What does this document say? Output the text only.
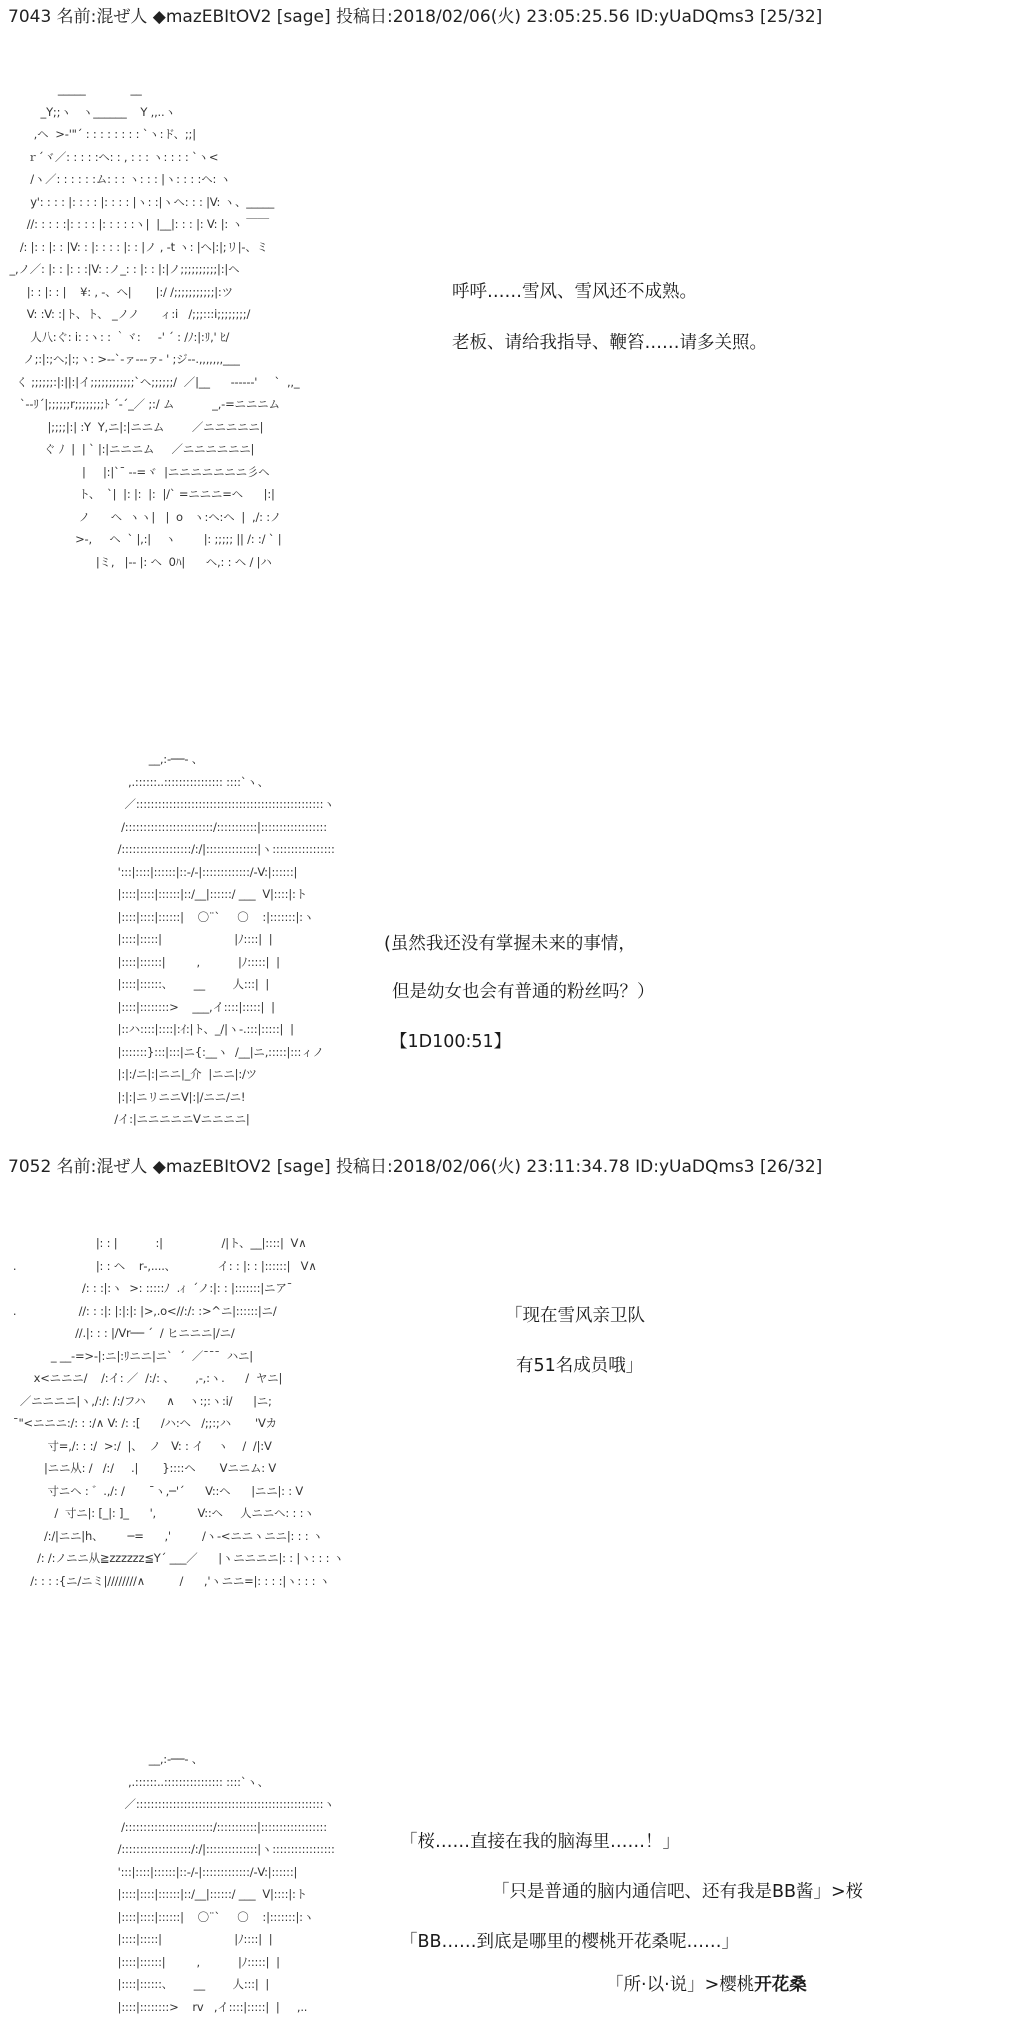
7043 名前:混ぜ人 ◆mazEBItOV2 [sage] 投稿日:2018/02/06(火) 23:05:25.56 ID:yUaDQms3 [25/32]
_____             __
_Y;;ヽ   ヽ______    Y ,,..ヽ
,ヘ  >‐'"´ : : : : : : : : `ヽ:ド、;;|
ｒ´ヾ／: : : : :ヘ: : , : : : ヽ: : : : `ヽ<
/ヽ／: : : : : :ム: : : ヽ: : : |ヽ: : : :ヘ: ヽ
y': : : : |: : : : |: : : : |ヽ: :|ヽヘ: : : |V: ヽ、_____
//: : : : :|: : : : |: : : : :ヽ|  |__|: : : |: V: |: ヽ ￣￣
/: |: : |: : |V: : |: : : : |: : |ノ , ‐t ヽ: |ヘ|:|;リ|‐、ミ
_,ノ／: |: : |: : :|V: :ノ_: : |: : |:|ノ;;;;;;;;;;|:|ヘ
|: : |: : |    ¥: , -、ヘ|       |:/ /;;;;;;;;;;;|:ツ
V: :V: :|ト、ト、 _ノノ      ィ:i   /;;;:::i;;;;;;;;/
人八:ぐ: i: :ヽ: : ｀ヾ:     ‐' ´ : /ﾉ:|:ﾘ,' ﾋ/
ノ;:|:;ヘ;|:;ヽ: >‐‐`‐ァ‐‐‐ァ‐ ' ;ジ‐-.,,,,,,,___
く ;;;;;;:|:||:|イ;;;;;;;;;;;;`ヘ;;;;;;/  ／|__      ------'     `  ,,_
`‐‐ﾘ´|;;;;;;r;;;;;;;;ﾄ ´‐´_／ ;:/ ム           _,-=ニニニム
|;;;;|:| :Y  Y,ニ|:|ニニム        ／ニニニニニ|
ぐ ﾉ  |  | ` |:|ニニニム     ／ニニニニニニ|
|     |:|`¯ ‐‐=ヾ  |ニニニニニニニ彡ヘ
ト、  `|  |: |:  |:  |/` =ニニニ=ヘ      |:|
ノ      ヘ  ヽヽ|   |  o   ヽ:ヘ:ヘ  |  ,/: :ノ
>‐,     ヘ  ` |,:|    ヽ        |: ;;;;; || /: :/ ` |
|ミ,   |‐‐ |: ヘ  0ﾊ|      ヘ,: : ヘ / |ハ
呼呼……雪风、雪风还不成熟。
老板、请给我指导、鞭笞……请多关照。
__,:-──- 、
,.::::::..:::::::::::::::: ::::`ヽ、
／:::::::::::::::::::::::::::::::::::::::::::::::::::ヽ
/::::::::::::::::::::::::/:::::::::::|::::::::::::::::::
/:::::::::::::::::::/:/|::::::::::::::|ヽ:::::::::::::::::
':::|::::|::::::|::‐/‐|:::::::::::::/‐V:|::::::|
|::::|::::|::::::|::/__|::::::/ ___  V|::::|:ト
|::::|::::|::::::|    〇¨`     〇    :|:::::::|:ヽ
|::::|:::::|                     |ﾉ::::|  |
|::::|::::::|         ,           |ﾉ:::::|  |
|::::|::::::、      __        人:::|  |
|::::|::::::::>    ___,イ::::|:::::|  |
|::ハ::::|::::|:ｲ:|ト、_/|ヽ‐.:::|:::::|  |
|:::::::}:::|:::|ニ{:__ヽ  /__|ニ,:::::|:::ィノ
|:|:/ニ|:|ニニ|_介  |ニニ|:/ツ
|:|:|ニリニニV|:|/ニニ/ニ!
/イ:|ニニニニニVニニニニ|
(虽然我还没有掌握未来的事情，
但是幼女也会有普通的粉丝吗？）
【1D100:51】
7052 名前:混ぜ人 ◆mazEBItOV2 [sage] 投稿日:2018/02/06(火) 23:11:34.78 ID:yUaDQms3 [26/32]
|: : |           :|                 /|ト、__|::::|  V∧
.                       |: : ヘ    r‐,....、            イ: : |: : |::::::|   V∧
/: : :|:ヽ  >: :::::ﾉ  .ｨ  ´ノ:|: : |:::::::|ニア¯
.                  //: : :|: |:|:|: |>,.o<//:/: :>^ニ|::::::|ニ/
//.|: : : |/Vr── ´  / ヒニニニ|/ニ/
_ __-=>‐|:ニ|:ﾘニニ|ニ`  ´  ／¯¯¯  ハニ|
x<ニニニ/    /:イ: ／  /:/: 、      ,‐,:ヽ.      /  ヤニ|
／ニニニニ|ヽ,/:/: /:/フハ      ∧    ヽ:;:ヽ:i/      |ニ;
¯"<ニニニ:/: : :/∧ V: /: :[      /ハ:ヘ   /;;:;ハ       'Vカ
寸=,/: : :/  >:/  |、  ノ   V: : イ    ヽ    /  /|:V
|ニニ从: /   /:/     .|       }::::ヘ       Vニニム: V
寸ニヘ : ゛.,/: /       ¯ヽ,─'´      V::ヘ      |ニニ|: : V
/  寸ニ|: [_|: ]_      ',            V::ヘ     人ニニヘ: : :ヽ
/:/|ニニ|h、       ─=      ,'         /ヽ‐<ニニヽニニ|: : : ヽ
/: /:ノニニ从≧zzzzzz≦Y´ ___／      |ヽニニニニ|: : |ヽ: : : ヽ
/: : : :{ニ/ニミ|////////∧          /      ,'ヽニニ=|: : : :|ヽ: : : ヽ
「现在雪风亲卫队
有51名成员哦」
__,:-──- 、
,.::::::..:::::::::::::::: ::::`ヽ、
／:::::::::::::::::::::::::::::::::::::::::::::::::::ヽ
/::::::::::::::::::::::::/:::::::::::|::::::::::::::::::
/:::::::::::::::::::/:/|::::::::::::::|ヽ:::::::::::::::::
':::|::::|::::::|::‐/‐|:::::::::::::/‐V:|::::::|
|::::|::::|::::::|::/__|::::::/ ___  V|::::|:ト
|::::|::::|::::::|    〇¨`     〇    :|:::::::|:ヽ
|::::|:::::|                     |ﾉ::::|  |
|::::|::::::|         ,           |ﾉ:::::|  |
|::::|::::::、      __        人:::|  |
|::::|::::::::>    rv   ,イ::::|:::::|  |     ,..
「桜……直接在我的脑海里……！」
「只是普通的脑内通信吧、还有我是BB酱」>桜
「BB……到底是哪里的樱桃开花桑呢……」
「所·以·说」>樱桃开花桑
